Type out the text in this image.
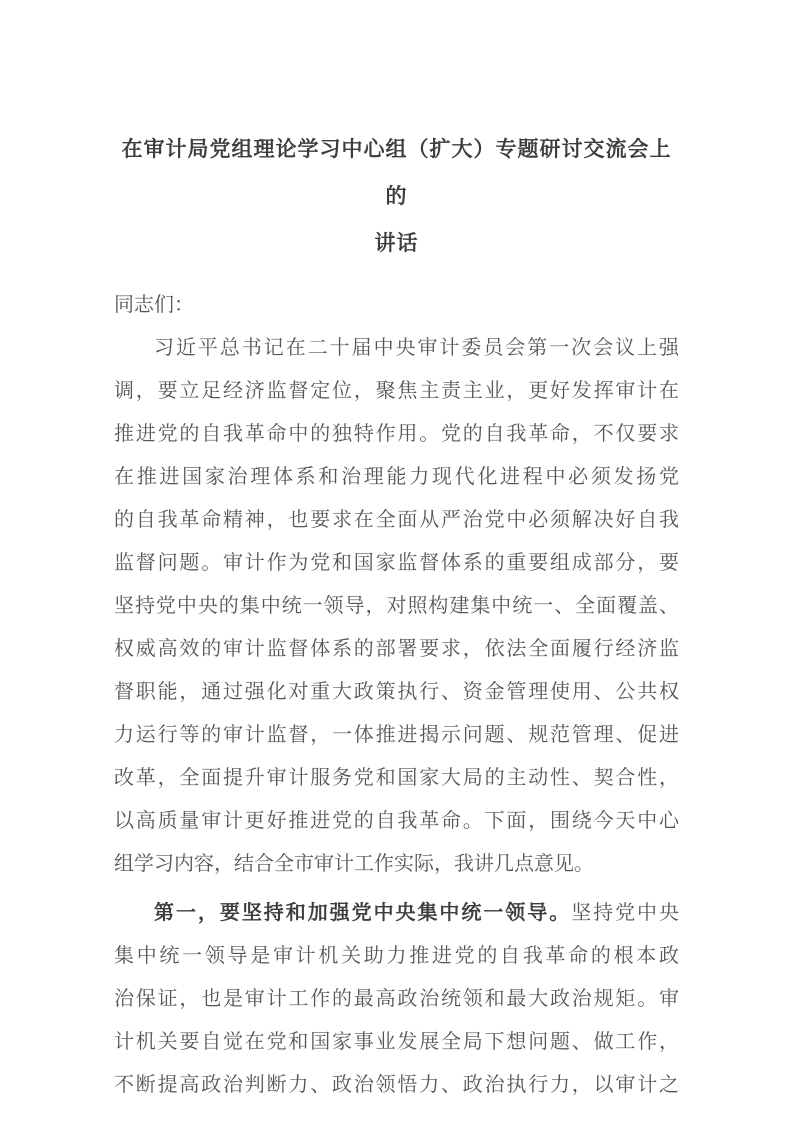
在审计局党组理论学习中心组（扩大）专题研讨交流会上的
讲话
同志们：
习近平总书记在二十届中央审计委员会第一次会议上强
调，要立足经济监督定位，聚焦主责主业，更好发挥审计在
推进党的自我革命中的独特作用。党的自我革命，不仅要求
在推进国家治理体系和治理能力现代化进程中必须发扬党
的自我革命精神，也要求在全面从严治党中必须解决好自我
监督问题。审计作为党和国家监督体系的重要组成部分，要
坚持党中央的集中统一领导，对照构建集中统一、全面覆盖、
权威高效的审计监督体系的部署要求，依法全面履行经济监
督职能，通过强化对重大政策执行、资金管理使用、公共权
力运行等的审计监督，一体推进揭示问题、规范管理、促进
改革，全面提升审计服务党和国家大局的主动性、契合性，
以高质量审计更好推进党的自我革命。下面，围绕今天中心
组学习内容，结合全市审计工作实际，我讲几点意见。
第一，要坚持和加强党中央集中统一领导。坚持党中央
集中统一领导是审计机关助力推进党的自我革命的根本政
治保证，也是审计工作的最高政治统领和最大政治规矩。审
计机关要自觉在党和国家事业发展全局下想问题、做工作，
不断提高政治判断力、政治领悟力、政治执行力，以审计之
